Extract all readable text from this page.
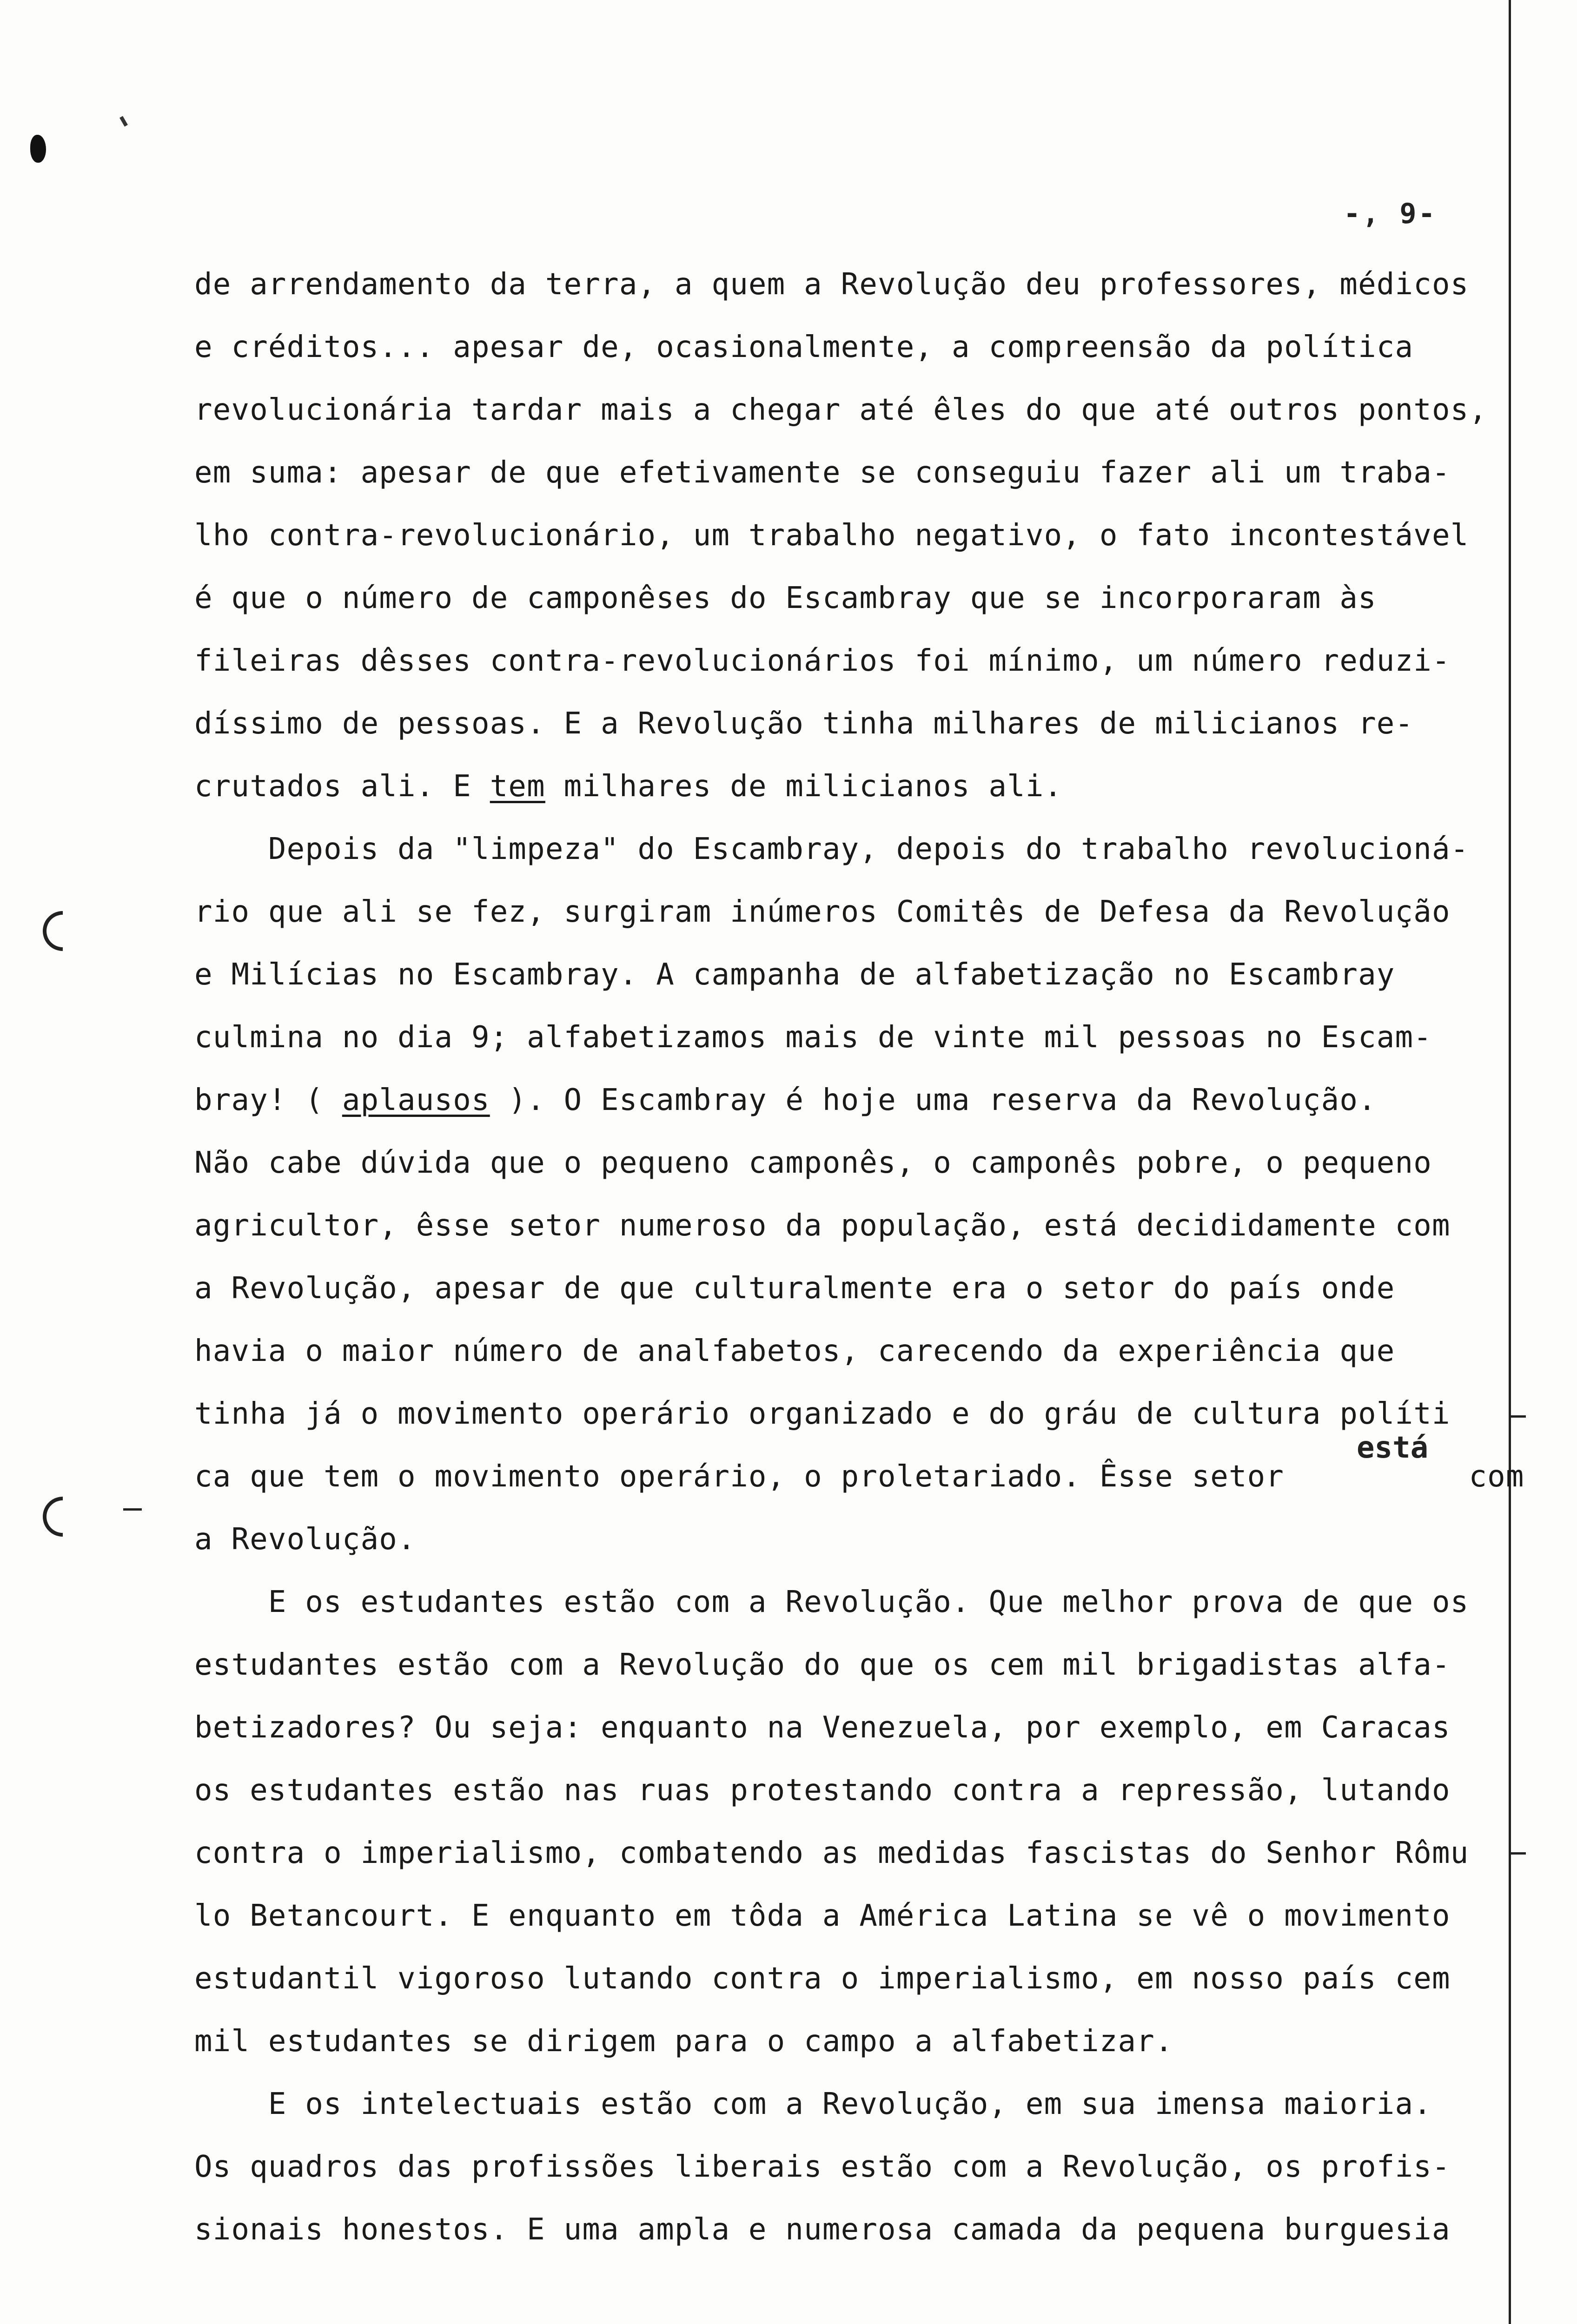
-, 9-
está
de arrendamento da terra, a quem a Revolução deu professores, médicos
e créditos... apesar de, ocasionalmente, a compreensão da política
revolucionária tardar mais a chegar até êles do que até outros pontos,
em suma: apesar de que efetivamente se conseguiu fazer ali um traba-
lho contra-revolucionário, um trabalho negativo, o fato incontestável
é que o número de camponêses do Escambray que se incorporaram às
fileiras dêsses contra-revolucionários foi mínimo, um número reduzi-
díssimo de pessoas. E a Revolução tinha milhares de milicianos re-
crutados ali. E tem milhares de milicianos ali.
Depois da "limpeza" do Escambray, depois do trabalho revolucioná-
rio que ali se fez, surgiram inúmeros Comitês de Defesa da Revolução
e Milícias no Escambray. A campanha de alfabetização no Escambray
culmina no dia 9; alfabetizamos mais de vinte mil pessoas no Escam-
bray! ( aplausos ). O Escambray é hoje uma reserva da Revolução.
Não cabe dúvida que o pequeno camponês, o camponês pobre, o pequeno
agricultor, êsse setor numeroso da população, está decididamente com
a Revolução, apesar de que culturalmente era o setor do país onde
havia o maior número de analfabetos, carecendo da experiência que
tinha já o movimento operário organizado e do gráu de cultura políti
ca que tem o movimento operário, o proletariado. Êsse setor          com
a Revolução.
E os estudantes estão com a Revolução. Que melhor prova de que os
estudantes estão com a Revolução do que os cem mil brigadistas alfa-
betizadores? Ou seja: enquanto na Venezuela, por exemplo, em Caracas
os estudantes estão nas ruas protestando contra a repressão, lutando
contra o imperialismo, combatendo as medidas fascistas do Senhor Rômu
lo Betancourt. E enquanto em tôda a América Latina se vê o movimento
estudantil vigoroso lutando contra o imperialismo, em nosso país cem
mil estudantes se dirigem para o campo a alfabetizar.
E os intelectuais estão com a Revolução, em sua imensa maioria.
Os quadros das profissões liberais estão com a Revolução, os profis-
sionais honestos. E uma ampla e numerosa camada da pequena burguesia
